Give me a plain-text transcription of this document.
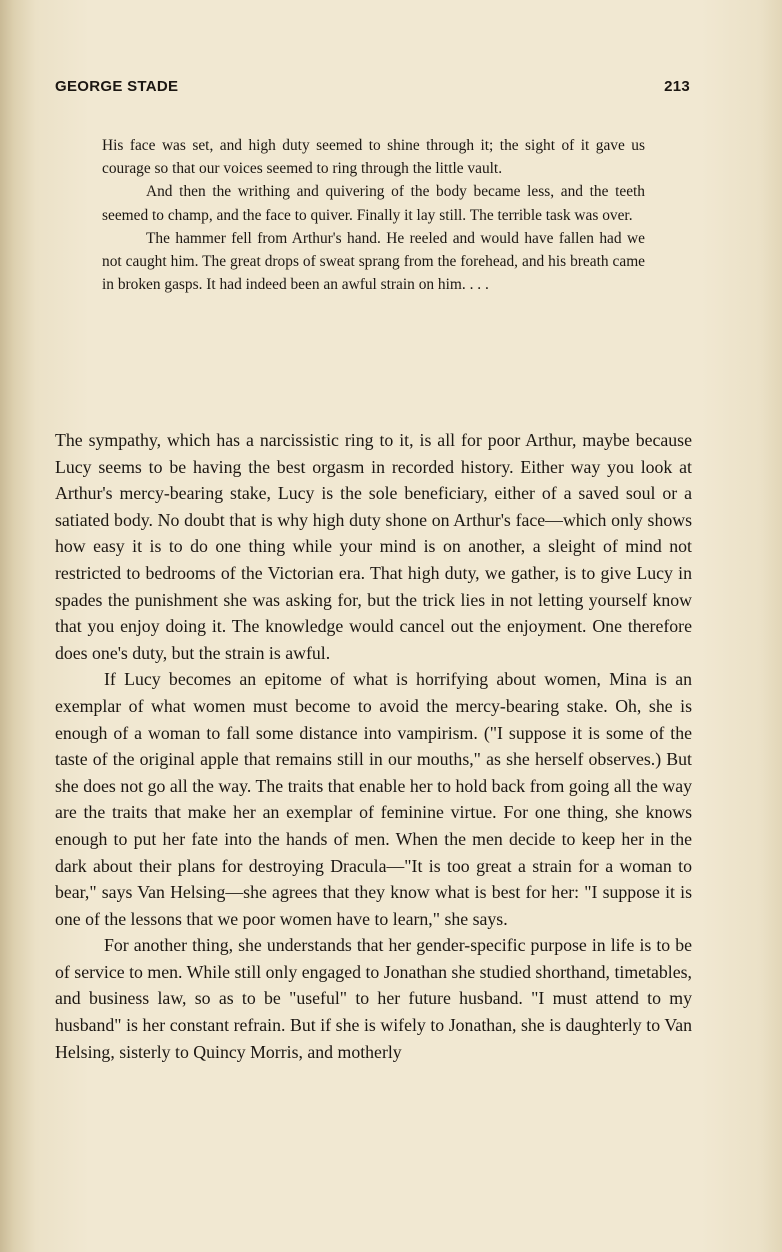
GEORGE STADE	213

His face was set, and high duty seemed to shine through it; the sight of it gave us courage so that our voices seemed to ring through the little vault.

And then the writhing and quivering of the body became less, and the teeth seemed to champ, and the face to quiver. Finally it lay still. The terrible task was over.

The hammer fell from Arthur's hand. He reeled and would have fallen had we not caught him. The great drops of sweat sprang from the forehead, and his breath came in broken gasps. It had indeed been an awful strain on him. . . .

The sympathy, which has a narcissistic ring to it, is all for poor Arthur, maybe because Lucy seems to be having the best orgasm in recorded history. Either way you look at Arthur's mercy-bearing stake, Lucy is the sole beneficiary, either of a saved soul or a satiated body. No doubt that is why high duty shone on Arthur's face—which only shows how easy it is to do one thing while your mind is on another, a sleight of mind not restricted to bedrooms of the Victorian era. That high duty, we gather, is to give Lucy in spades the punishment she was asking for, but the trick lies in not letting yourself know that you enjoy doing it. The knowledge would cancel out the enjoyment. One therefore does one's duty, but the strain is awful.

If Lucy becomes an epitome of what is horrifying about women, Mina is an exemplar of what women must become to avoid the mercy-bearing stake. Oh, she is enough of a woman to fall some distance into vampirism. ("I suppose it is some of the taste of the original apple that remains still in our mouths," as she herself observes.) But she does not go all the way. The traits that enable her to hold back from going all the way are the traits that make her an exemplar of feminine virtue. For one thing, she knows enough to put her fate into the hands of men. When the men decide to keep her in the dark about their plans for destroying Dracula—"It is too great a strain for a woman to bear," says Van Helsing—she agrees that they know what is best for her: "I suppose it is one of the lessons that we poor women have to learn," she says.

For another thing, she understands that her gender-specific purpose in life is to be of service to men. While still only engaged to Jonathan she studied shorthand, timetables, and business law, so as to be "useful" to her future husband. "I must attend to my husband" is her constant refrain. But if she is wifely to Jonathan, she is daughterly to Van Helsing, sisterly to Quincy Morris, and motherly
